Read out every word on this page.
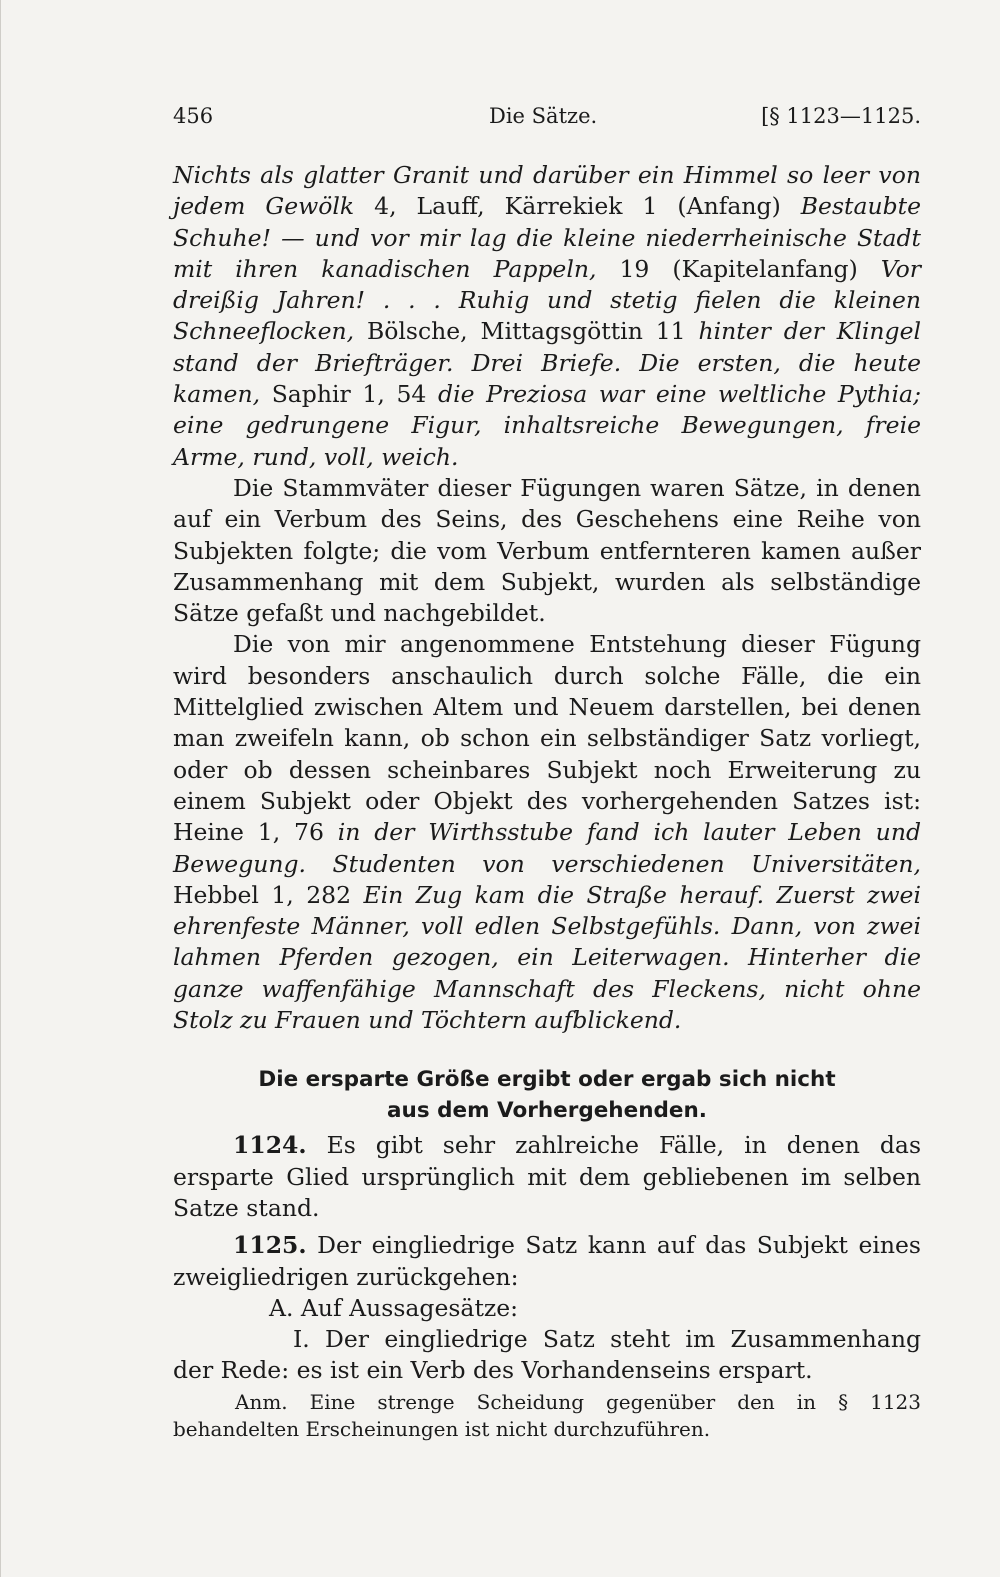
456	Die Sätze.	[§ 1123—1125.

Nichts als glatter Granit und darüber ein Himmel so leer von jedem Gewölk 4, Lauff, Kärrekiek 1 (Anfang) Bestaubte Schuhe! — und vor mir lag die kleine niederrheinische Stadt mit ihren kanadischen Pappeln, 19 (Kapitelanfang) Vor dreißig Jahren! . . . Ruhig und stetig fielen die kleinen Schneeflocken, Bölsche, Mittagsgöttin 11 hinter der Klingel stand der Briefträger. Drei Briefe. Die ersten, die heute kamen, Saphir 1, 54 die Preziosa war eine weltliche Pythia; eine gedrungene Figur, inhaltsreiche Bewegungen, freie Arme, rund, voll, weich.

Die Stammväter dieser Fügungen waren Sätze, in denen auf ein Verbum des Seins, des Geschehens eine Reihe von Subjekten folgte; die vom Verbum entfernteren kamen außer Zusammenhang mit dem Subjekt, wurden als selbständige Sätze gefaßt und nachgebildet.

Die von mir angenommene Entstehung dieser Fügung wird besonders anschaulich durch solche Fälle, die ein Mittelglied zwischen Altem und Neuem darstellen, bei denen man zweifeln kann, ob schon ein selbständiger Satz vorliegt, oder ob dessen scheinbares Subjekt noch Erweiterung zu einem Subjekt oder Objekt des vorhergehenden Satzes ist: Heine 1, 76 in der Wirthsstube fand ich lauter Leben und Bewegung. Studenten von verschiedenen Universitäten, Hebbel 1, 282 Ein Zug kam die Straße herauf. Zuerst zwei ehrenfeste Männer, voll edlen Selbstgefühls. Dann, von zwei lahmen Pferden gezogen, ein Leiterwagen. Hinterher die ganze waffenfähige Mannschaft des Fleckens, nicht ohne Stolz zu Frauen und Töchtern aufblickend.

Die ersparte Größe ergibt oder ergab sich nicht
aus dem Vorhergehenden.

1124. Es gibt sehr zahlreiche Fälle, in denen das ersparte Glied ursprünglich mit dem gebliebenen im selben Satze stand.

1125. Der eingliedrige Satz kann auf das Subjekt eines zweigliedrigen zurückgehen:

A. Auf Aussagesätze:

I. Der eingliedrige Satz steht im Zusammenhang der Rede: es ist ein Verb des Vorhandenseins erspart.

Anm. Eine strenge Scheidung gegenüber den in § 1123 behandelten Erscheinungen ist nicht durchzuführen.
